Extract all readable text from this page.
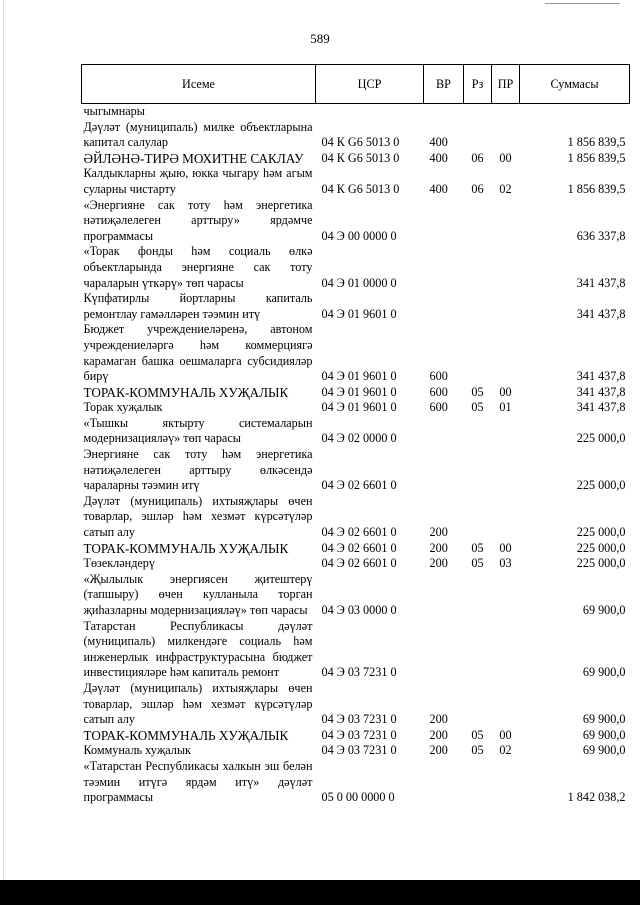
589
Исеме	ЦСР	ВР	Рз	ПР	Суммасы
чыгымнары					
Дәүләт (муниципаль) милке объектларына капитал салулар	04 К G6 5013 0	400			1 856 839,5
ӘЙЛӘНӘ-ТИРӘ МОХИТНЕ САКЛАУ	04 К G6 5013 0	400	06	00	1 856 839,5
Калдыкларны җыю, юкка чыгару һәм агым суларны чистарту	04 К G6 5013 0	400	06	02	1 856 839,5
«Энергияне сак тоту һәм энергетика нәтиҗәлелеген арттыру» ярдәмче программасы	04 Э 00 0000 0				636 337,8
«Торак фонды һәм социаль өлкә объектларында энергияне сак тоту чараларын үткәрү» төп чарасы	04 Э 01 0000 0				341 437,8
Күпфатирлы йортларны капиталь ремонтлау гамәлләрен тәэмин итү	04 Э 01 9601 0				341 437,8
Бюджет учреждениеләренә, автоном учреждениеләргә һәм коммерциягә карамаган башка оешмаларга субсидияләр бирү	04 Э 01 9601 0	600			341 437,8
ТОРАК-КОММУНАЛЬ ХУҖАЛЫК	04 Э 01 9601 0	600	05	00	341 437,8
Торак хуҗалык	04 Э 01 9601 0	600	05	01	341 437,8
«Тышкы яктырту системаларын модернизацияләү» төп чарасы	04 Э 02 0000 0				225 000,0
Энергияне сак тоту һәм энергетика нәтиҗәлелеген арттыру өлкәсендә чараларны тәэмин итү	04 Э 02 6601 0				225 000,0
Дәүләт (муниципаль) ихтыяҗлары өчен товарлар, эшләр һәм хезмәт күрсәтүләр сатып алу	04 Э 02 6601 0	200			225 000,0
ТОРАК-КОММУНАЛЬ ХУҖАЛЫК	04 Э 02 6601 0	200	05	00	225 000,0
Төзекләндерү	04 Э 02 6601 0	200	05	03	225 000,0
«Җылылык энергиясен җитештерү (тапшыру) өчен кулланыла торган җиһазларны модернизацияләү» төп чарасы	04 Э 03 0000 0				69 900,0
Татарстан Республикасы дәүләт (муниципаль) милкендәге социаль һәм инженерлык инфраструктурасына бюджет инвестицияләре һәм капиталь ремонт	04 Э 03 7231 0				69 900,0
Дәүләт (муниципаль) ихтыяҗлары өчен товарлар, эшләр һәм хезмәт күрсәтүләр сатып алу	04 Э 03 7231 0	200			69 900,0
ТОРАК-КОММУНАЛЬ ХУҖАЛЫК	04 Э 03 7231 0	200	05	00	69 900,0
Коммуналь хуҗалык	04 Э 03 7231 0	200	05	02	69 900,0
«Татарстан Республикасы халкын эш белән тәэмин итүгә ярдәм итү» дәүләт программасы	05 0 00 0000 0				1 842 038,2
